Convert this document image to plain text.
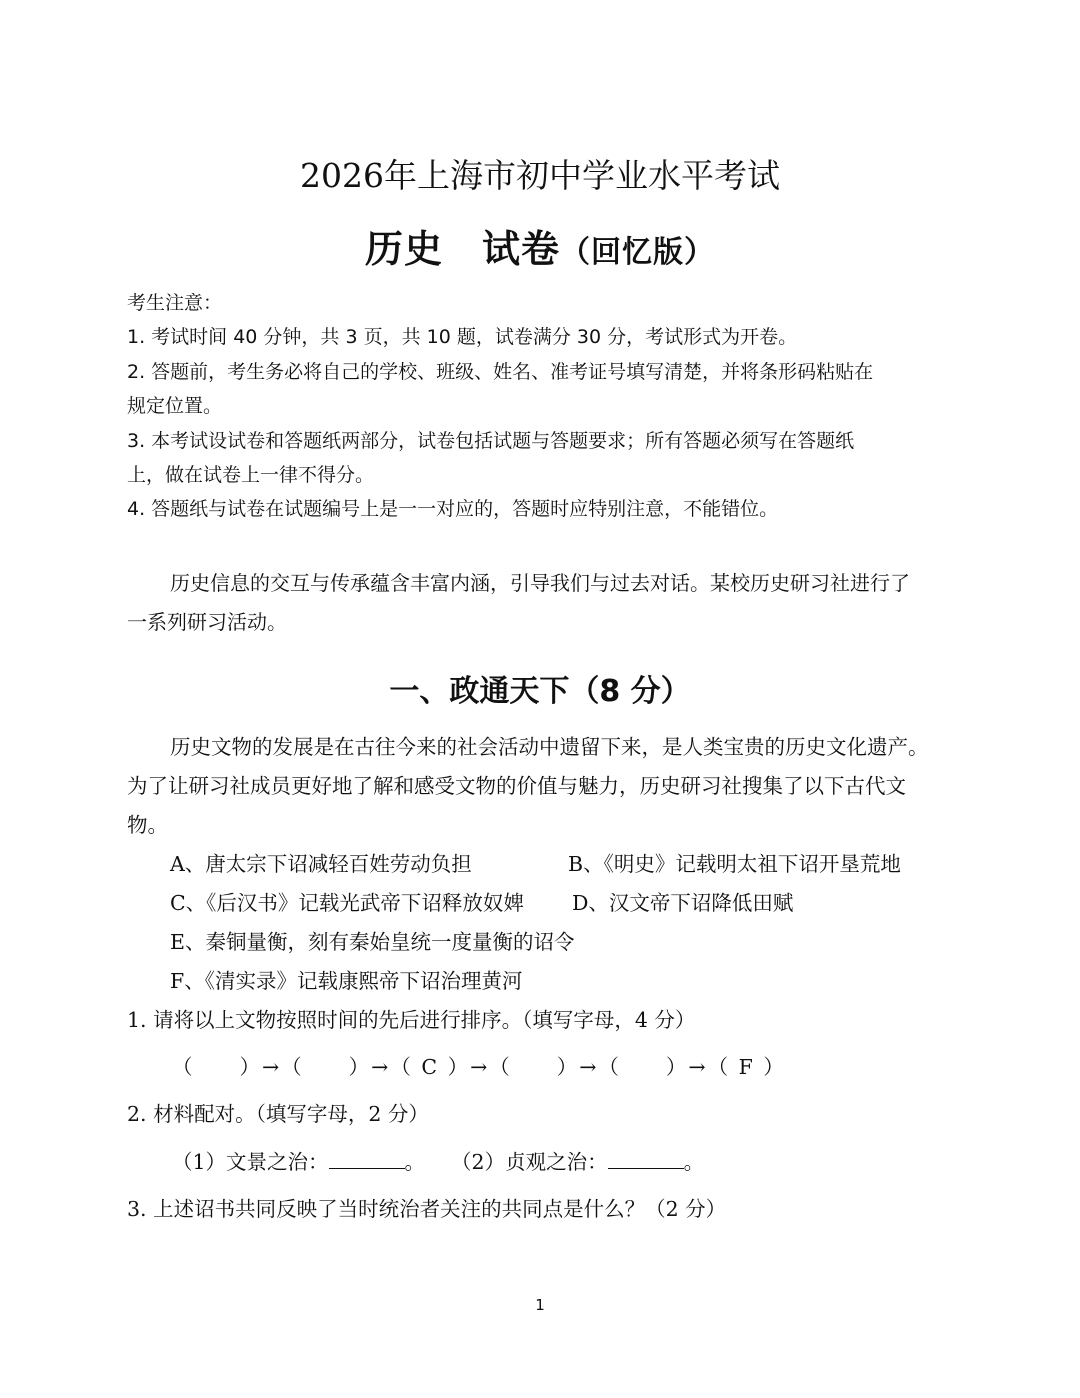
2026年上海市初中学业水平考试
历史　试卷（回忆版）
考生注意：
1. 考试时间 40 分钟，共 3 页，共 10 题，试卷满分 30 分，考试形式为开卷。
2. 答题前，考生务必将自己的学校、班级、姓名、准考证号填写清楚，并将条形码粘贴在
规定位置。
3. 本考试设试卷和答题纸两部分，试卷包括试题与答题要求；所有答题必须写在答题纸
上，做在试卷上一律不得分。
4. 答题纸与试卷在试题编号上是一一对应的，答题时应特别注意，不能错位。
历史信息的交互与传承蕴含丰富内涵，引导我们与过去对话。某校历史研习社进行了
一系列研习活动。
一、政通天下（8 分）
历史文物的发展是在古往今来的社会活动中遗留下来，是人类宝贵的历史文化遗产。
为了让研习社成员更好地了解和感受文物的价值与魅力，历史研习社搜集了以下古代文
物。
A、唐太宗下诏减轻百姓劳动负担	B、《明史》记载明太祖下诏开垦荒地
C、《后汉书》记载光武帝下诏释放奴婢 D、汉文帝下诏降低田赋
E、秦铜量衡，刻有秦始皇统一度量衡的诏令
F、《清实录》记载康熙帝下诏治理黄河
1. 请将以上文物按照时间的先后进行排序。（填写字母，4 分）
（　　）→（　　）→（ C ）→（　　）→（　　）→（ F ）
2. 材料配对。（填写字母，2 分）
（1）文景之治：	。 （2）贞观之治：	。
3. 上述诏书共同反映了当时统治者关注的共同点是什么？（2 分）
1
